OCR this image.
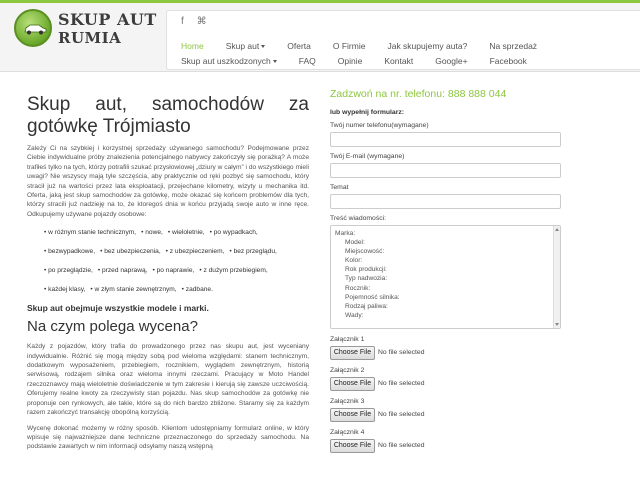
SKUP AUT
RUMIA
f ⌘
Home	Skup aut	Oferta	O Firmie	Jak skupujemy auta?	Na sprzedaż
Skup aut uszkodzonych	FAQ	Opinie	Kontakt	Google+	Facebook
Skup aut, samochodów za gotówkę Trójmiasto

Zależy Ci na szybkiej i korzystnej sprzedaży używanego samochodu? Podejmowane przez Ciebie indywidualne próby znalezienia potencjalnego nabywcy zakończyły się porażką? A może trafiłeś tylko na tych, którzy potrafili szukać przysłowiowej „dziury w całym” i do wszystkiego mieli uwagi? Nie wszyscy mają tyle szczęścia, aby praktycznie od ręki pozbyć się samochodu, który stracił już na wartości przez lata eksploatacji, przejechane kilometry, wizyty u mechanika itd. Oferta, jaką jest skup samochodów za gotówkę, może okazać się końcem problemów dla tych, którzy stracili już nadzieję na to, że ktoregoś dnia w końcu przyjadą swoje auto w inne ręce. Odkupujemy używane pojazdy osobowe:

• w różnym stanie technicznym, • nowe, • wieloletnie, • po wypadkach,
• bezwypadkowe, • bez ubezpieczenia, • z ubezpieczeniem, • bez przeglądu,
• po przeglądzie, • przed naprawą, • po naprawie, • z dużym przebiegiem,
• każdej klasy, • w złym stanie zewnętrznym, • zadbane.
Skup aut obejmuje wszystkie modele i marki.
Na czym polega wycena?

Każdy z pojazdów, który trafia do prowadzonego przez nas skupu aut, jest wyceniany indywidualnie. Różnić się mogą między sobą pod wieloma względami: stanem technicznym, dodatkowym wyposażeniem, przebiegiem, rocznikiem, wyglądem zewnętrznym, historią serwisową, rodzajem silnika oraz wieloma innymi rzeczami. Pracujący w Moto Handel rzeczoznawcy mają wieloletnie doświadczenie w tym zakresie i kierują się zawsze uczciwością. Oferujemy realne kwoty za rzeczywisty stan pojazdu. Nas skup samochodów za gotówkę nie proponuje cen rynkowych, ale takie, które są do nich bardzo zbliżone. Staramy się za każdym razem zakończyć transakcję obopólną korzyścią.

Wycenę dokonać możemy w różny sposób. Klientom udostępniamy formularz online, w który wpisuje się najważniejsze dane techniczne przeznaczonego do sprzedaży samochodu. Na podstawie zawartych w nim informacji odsyłamy naszą wstępną

Zadzwoń na nr. telefonu: 888 888 044
lub wypełnij formularz:
Twój numer telefonu(wymagane)
Twój E-mail (wymagane)
Temat
Treść wiadomości:
Marka:
Model:
Miejscowość:
Kolor:
Rok produkcji:
Typ nadwozia:
Rocznik:
Pojemność silnika:
Rodzaj paliwa:
Wady:
Załącznik 1
Choose File No file selected
Załącznik 2
Choose File No file selected
Załącznik 3
Choose File No file selected
Załącznik 4
Choose File No file selected
